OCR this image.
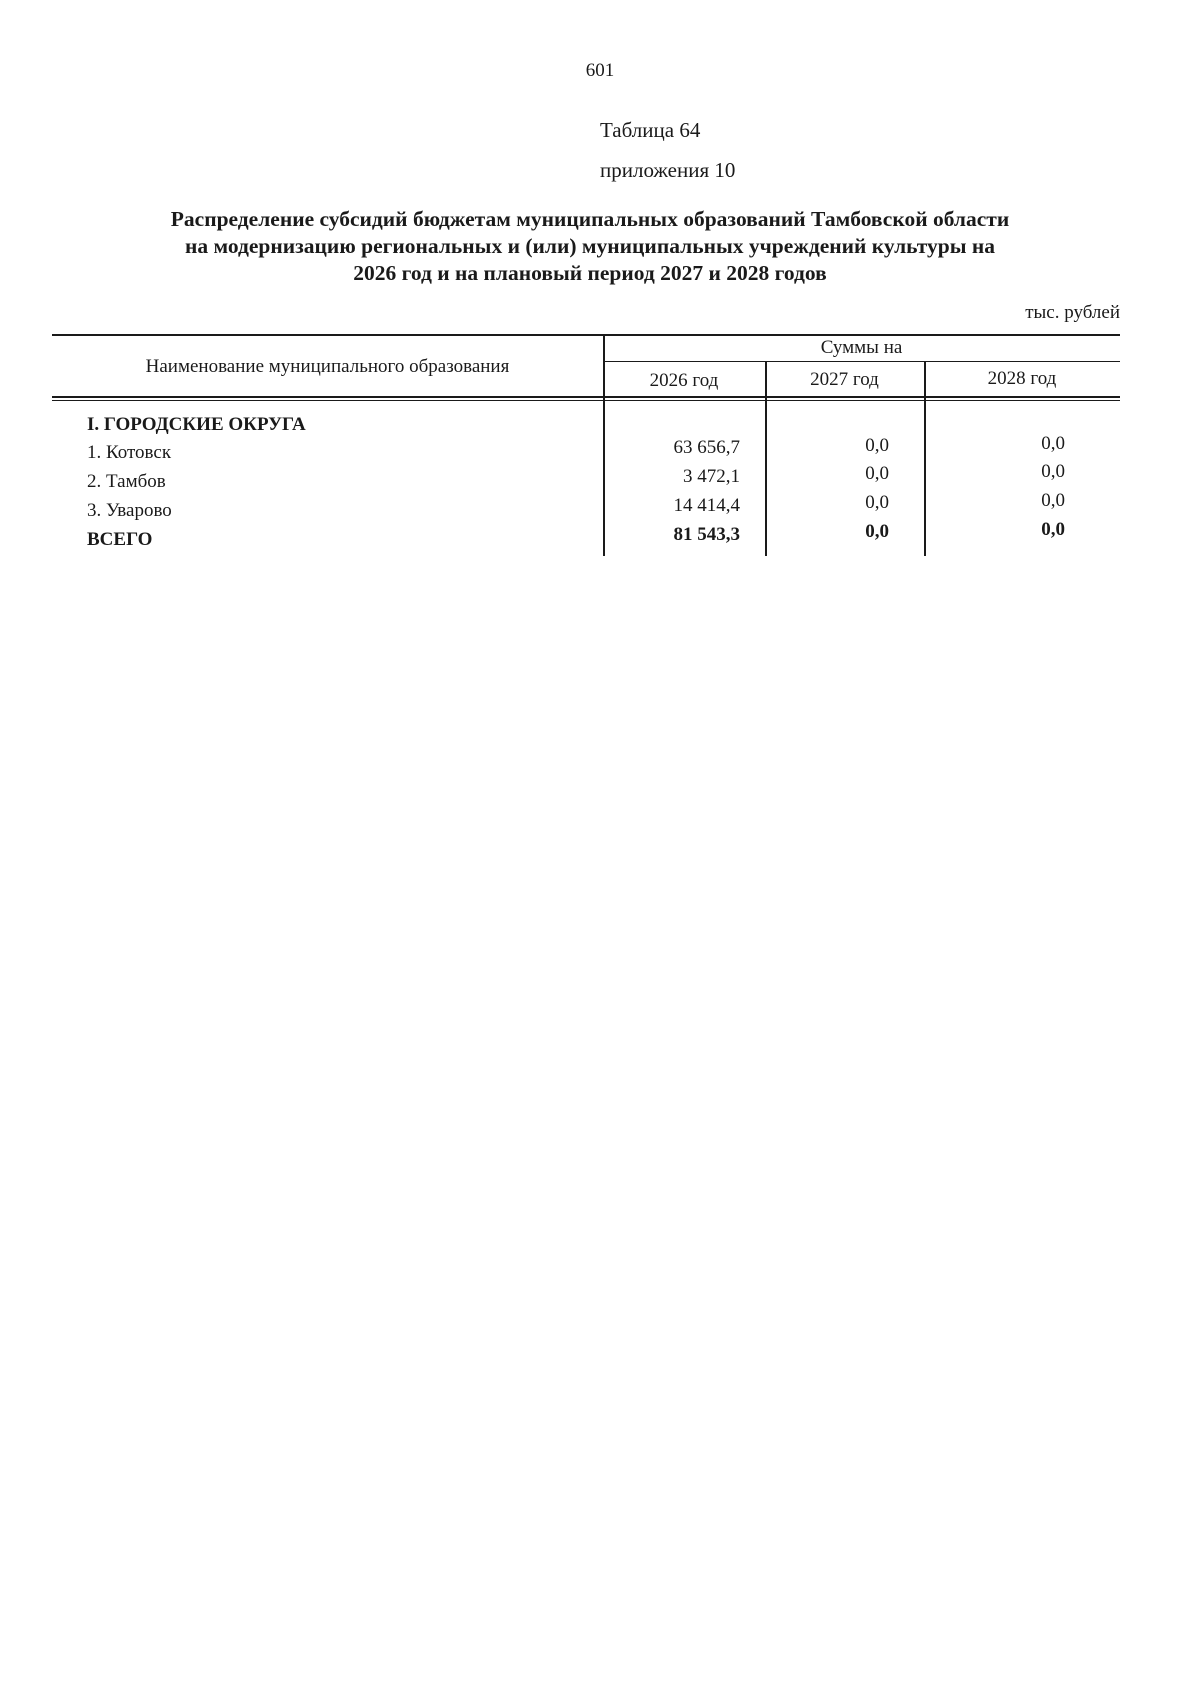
601
Таблица 64
приложения 10
Распределение субсидий бюджетам муниципальных образований Тамбовской области
на модернизацию региональных и (или) муниципальных учреждений культуры на
2026 год и на плановый период 2027 и 2028 годов
тыс. рублей
Наименование муниципального образования
Суммы на
2026 год	2027 год	2028 год
I. ГОРОДСКИЕ ОКРУГА
1. Котовск	63 656,7	0,0	0,0
2. Тамбов	3 472,1	0,0	0,0
3. Уварово	14 414,4	0,0	0,0
ВСЕГО	81 543,3	0,0	0,0
